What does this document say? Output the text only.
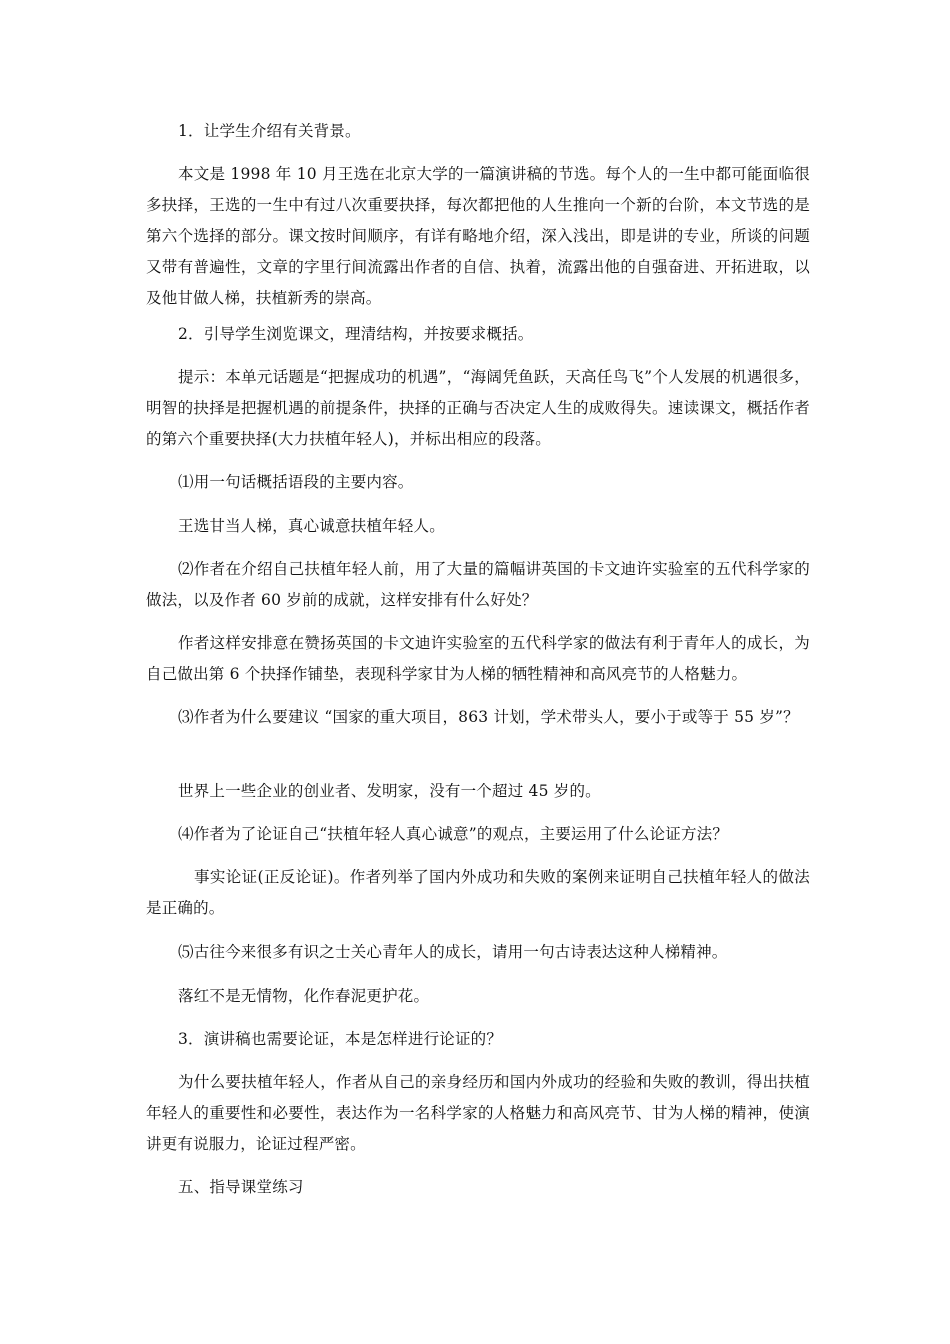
1．让学生介绍有关背景。

本文是 1998 年 10 月王选在北京大学的一篇演讲稿的节选。每个人的一生中都可能面临很多抉择，王选的一生中有过八次重要抉择，每次都把他的人生推向一个新的台阶，本文节选的是第六个选择的部分。课文按时间顺序，有详有略地介绍，深入浅出，即是讲的专业，所谈的问题又带有普遍性，文章的字里行间流露出作者的自信、执着，流露出他的自强奋进、开拓进取，以及他甘做人梯，扶植新秀的崇高。

2．引导学生浏览课文，理清结构，并按要求概括。

提示：本单元话题是“把握成功的机遇”，“海阔凭鱼跃，天高任鸟飞”个人发展的机遇很多，明智的抉择是把握机遇的前提条件，抉择的正确与否决定人生的成败得失。速读课文，概括作者的第六个重要抉择(大力扶植年轻人)，并标出相应的段落。

⑴用一句话概括语段的主要内容。

王选甘当人梯，真心诚意扶植年轻人。

⑵作者在介绍自己扶植年轻人前，用了大量的篇幅讲英国的卡文迪许实验室的五代科学家的做法，以及作者 60 岁前的成就，这样安排有什么好处？

作者这样安排意在赞扬英国的卡文迪许实验室的五代科学家的做法有利于青年人的成长，为自己做出第 6 个抉择作铺垫，表现科学家甘为人梯的牺牲精神和高风亮节的人格魅力。

⑶作者为什么要建议 “国家的重大项目，863 计划，学术带头人，要小于或等于 55 岁”？

世界上一些企业的创业者、发明家，没有一个超过 45 岁的。

⑷作者为了论证自己“扶植年轻人真心诚意”的观点，主要运用了什么论证方法？

事实论证(正反论证)。作者列举了国内外成功和失败的案例来证明自己扶植年轻人的做法是正确的。

⑸古往今来很多有识之士关心青年人的成长，请用一句古诗表达这种人梯精神。

落红不是无情物，化作春泥更护花。

3．演讲稿也需要论证，本是怎样进行论证的？

为什么要扶植年轻人，作者从自己的亲身经历和国内外成功的经验和失败的教训，得出扶植年轻人的重要性和必要性，表达作为一名科学家的人格魅力和高风亮节、甘为人梯的精神，使演讲更有说服力，论证过程严密。

五、指导课堂练习
